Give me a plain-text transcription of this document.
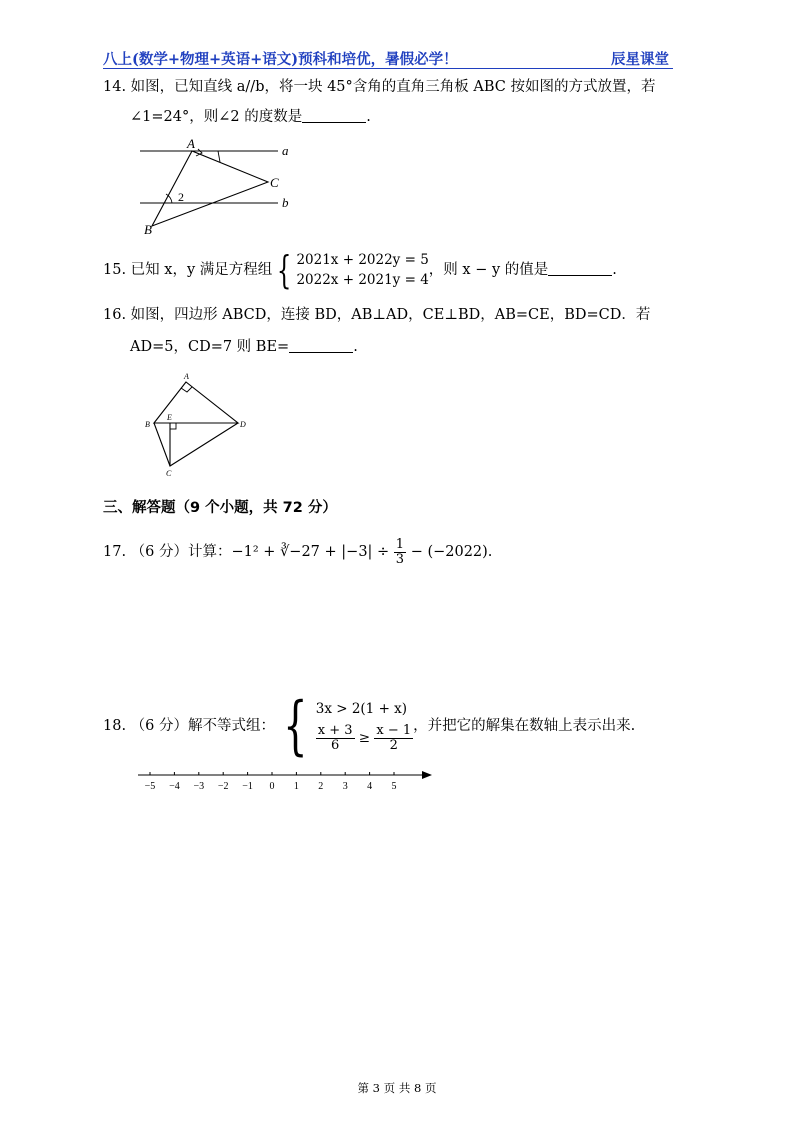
八上(数学+物理+英语+语文)预科和培优，暑假必学！	辰星课堂
14. 如图，已知直线 a//b，将一块 45°含角的直角三角板 ABC 按如图的方式放置，若
∠1=24°，则∠2 的度数是	.
A
B
C
a
b
2
15. 已知 x，y 满足方程组 { 2021x + 2022y = 5
2022x + 2021y = 4
，则 x − y 的值是	.
16. 如图，四边形 ABCD，连接 BD，AB⊥AD，CE⊥BD，AB=CE，BD=CD．若
AD=5，CD=7 则 BE=	.
A
B
C
D
E
三、解答题（9 个小题，共 72 分）
17. （6 分）计算：−1² + ∛−27 + $|-3| \div \frac{1}{3} - (-2022)$.
18. （6 分）解不等式组： { 3x > 2(1 + x)
$\frac{x + 3}{6} \ge \frac{x - 1}{2}$ ，并把它的解集在数轴上表示出来.
−5 −4 −3 −2 −1 0 1 2 3 4 5
第 3 页 共 8 页
